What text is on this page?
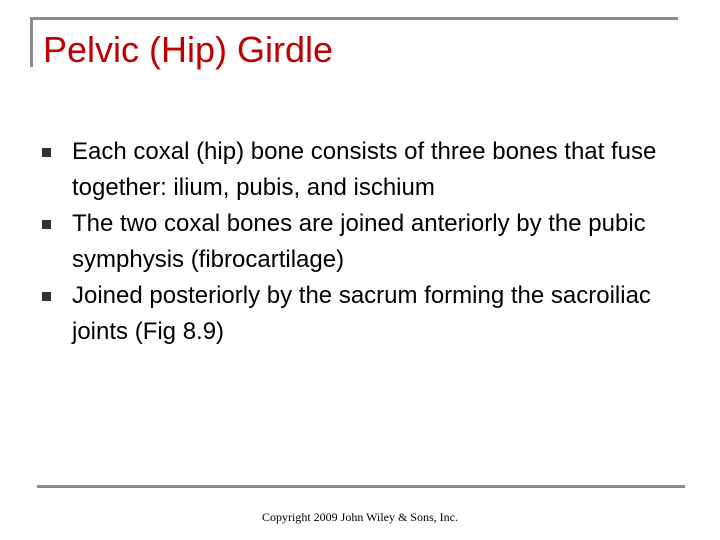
Pelvic (Hip) Girdle
Each coxal (hip) bone consists of three bones that fuse together: ilium, pubis, and ischium
The two coxal bones are joined anteriorly by the pubic symphysis (fibrocartilage)
Joined posteriorly by the sacrum forming the sacroiliac joints (Fig 8.9)
Copyright 2009 John Wiley & Sons, Inc.
